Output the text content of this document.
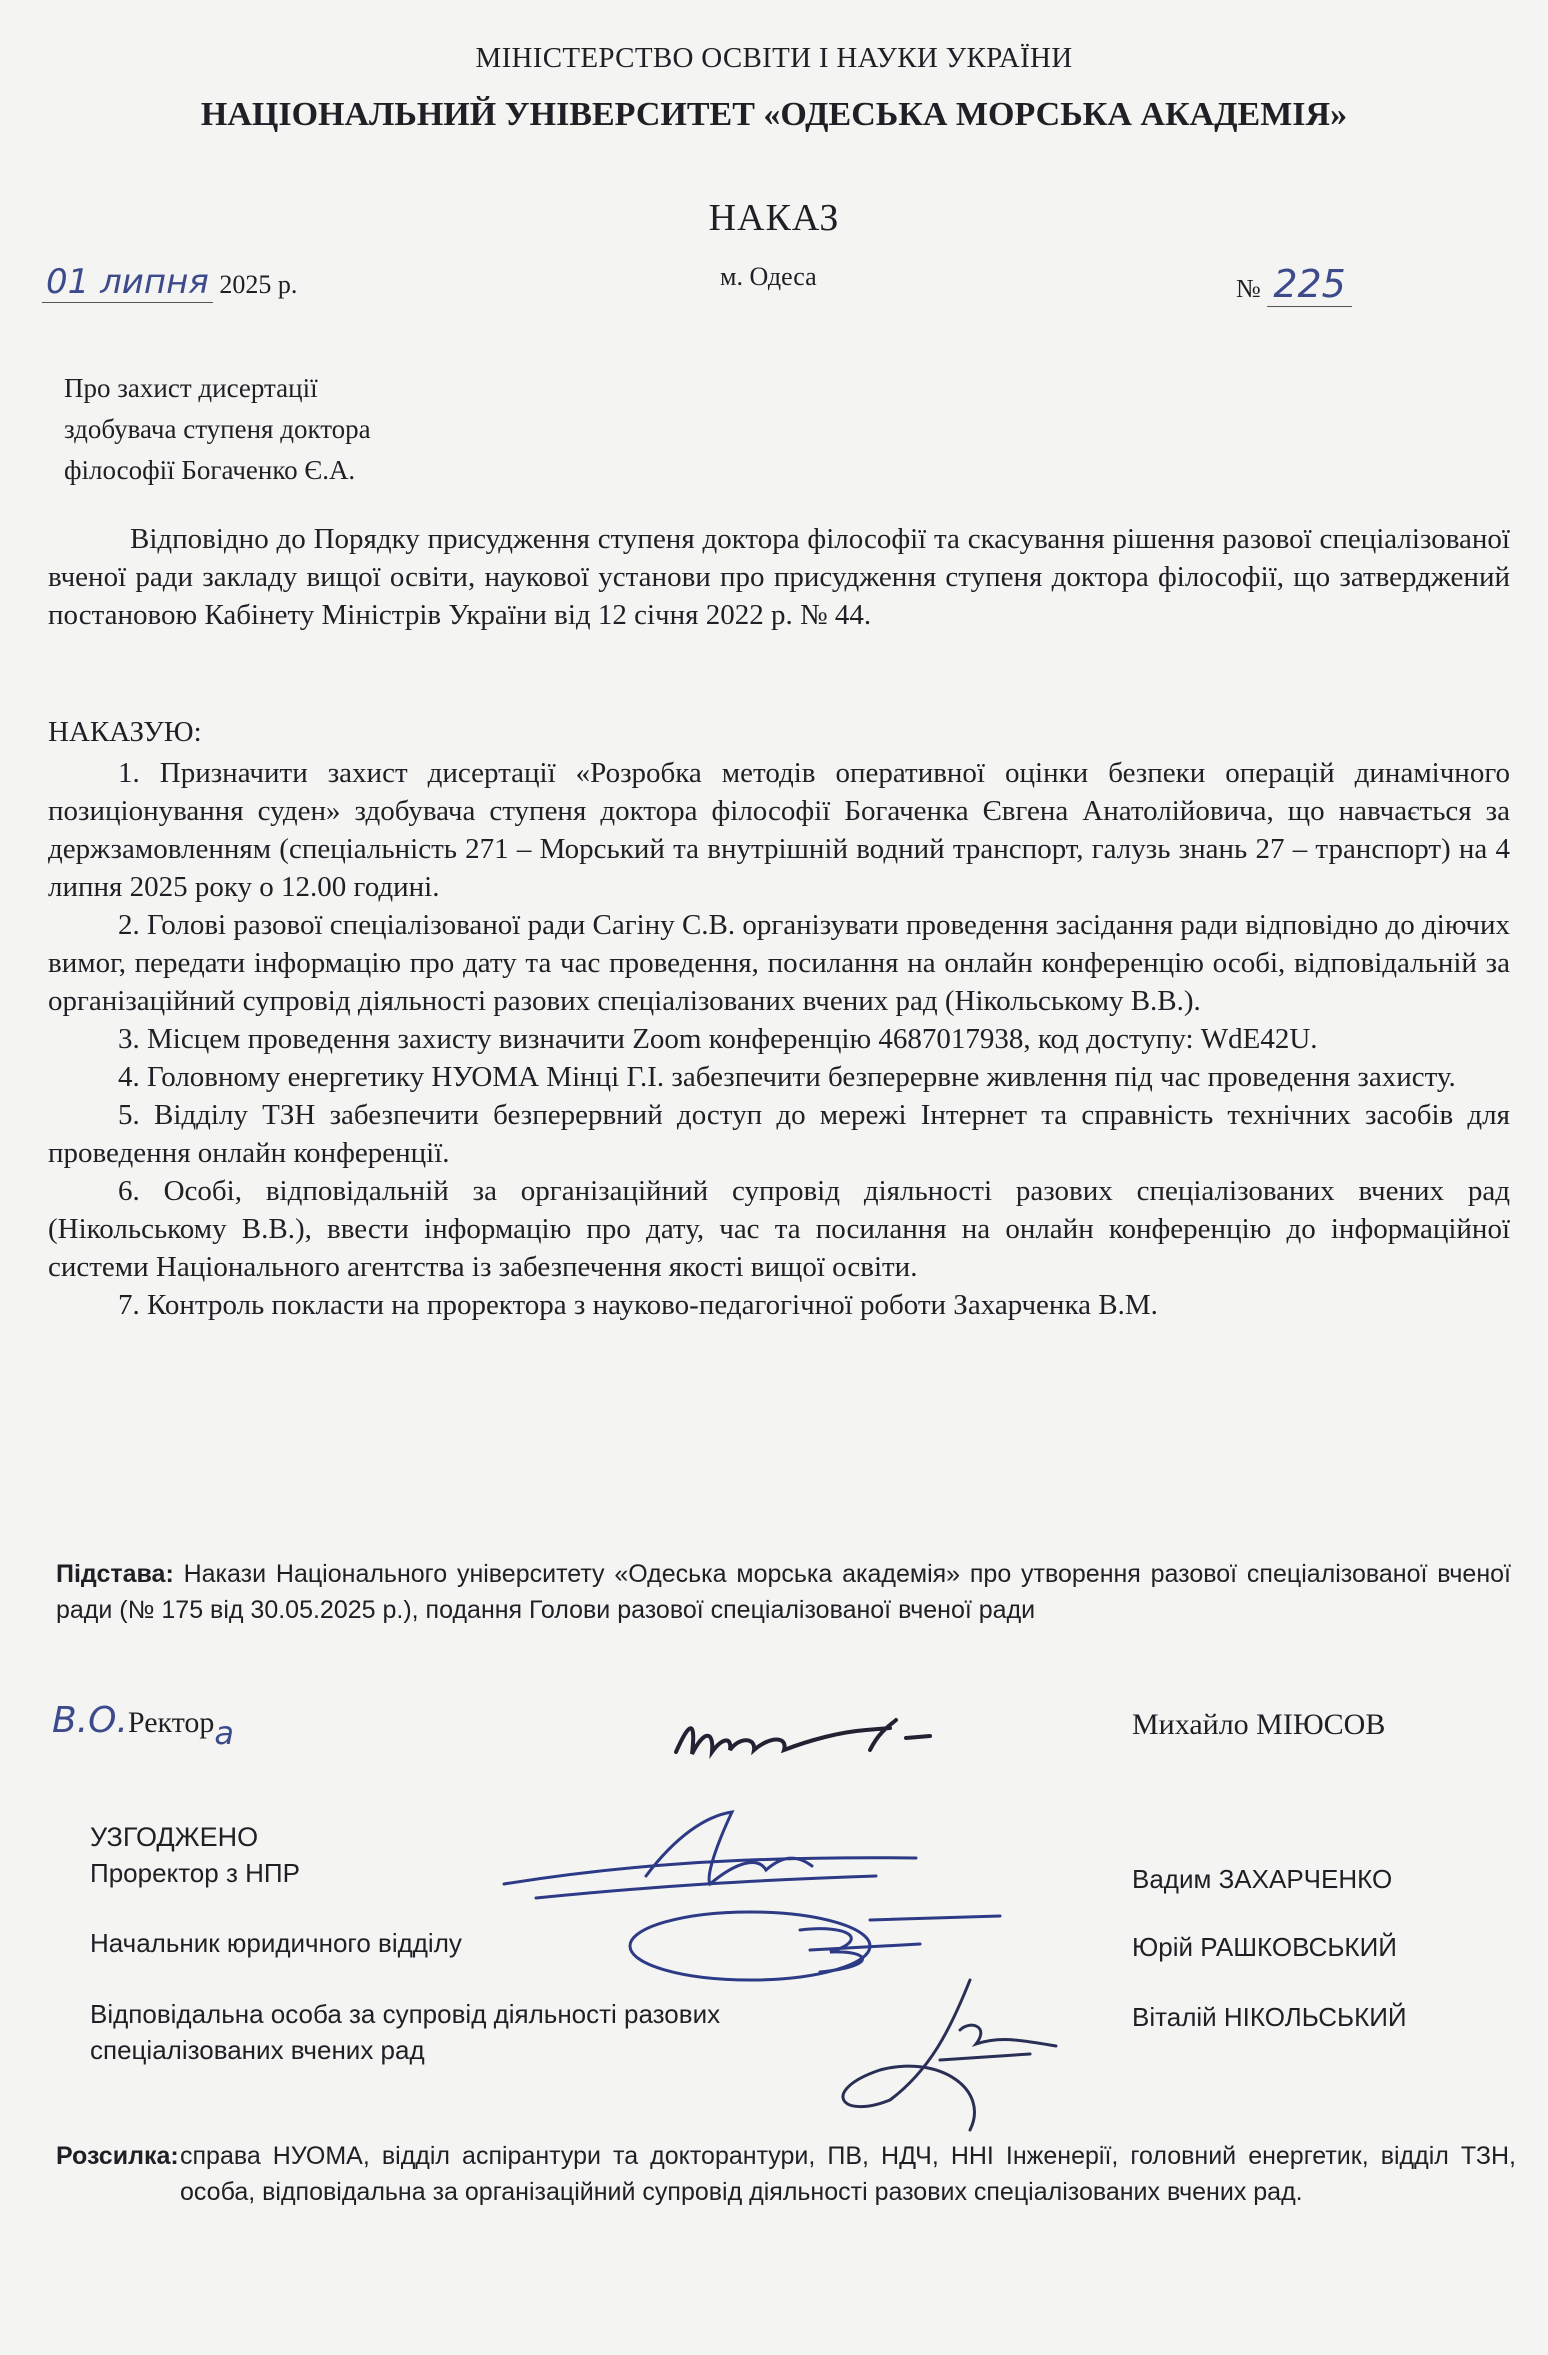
МІНІСТЕРСТВО ОСВІТИ І НАУКИ УКРАЇНИ
НАЦІОНАЛЬНИЙ УНІВЕРСИТЕТ «ОДЕСЬКА МОРСЬКА АКАДЕМІЯ»
НАКАЗ
01 липня 2025 р.	м. Одеса	№ 225
Про захист дисертації
здобувача ступеня доктора
філософії Богаченко Є.А.

Відповідно до Порядку присудження ступеня доктора філософії та скасування рішення разової спеціалізованої вченої ради закладу вищої освіти, наукової установи про присудження ступеня доктора філософії, що затверджений постановою Кабінету Міністрів України від 12 січня 2022 р. № 44.

НАКАЗУЮ:

1. Призначити захист дисертації «Розробка методів оперативної оцінки безпеки операцій динамічного позиціонування суден» здобувача ступеня доктора філософії Богаченка Євгена Анатолійовича, що навчається за держзамовленням (спеціальність 271 – Морський та внутрішній водний транспорт, галузь знань 27 – транспорт) на 4 липня 2025 року о 12.00 годині.

2. Голові разової спеціалізованої ради Сагіну С.В. організувати проведення засідання ради відповідно до діючих вимог, передати інформацію про дату та час проведення, посилання на онлайн конференцію особі, відповідальній за організаційний супровід діяльності разових спеціалізованих вчених рад (Нікольському В.В.).

3. Місцем проведення захисту визначити Zoom конференцію 4687017938, код доступу: WdE42U.

4. Головному енергетику НУОМА Мінці Г.І. забезпечити безперервне живлення під час проведення захисту.

5. Відділу ТЗН забезпечити безперервний доступ до мережі Інтернет та справність технічних засобів для проведення онлайн конференції.

6. Особі, відповідальній за організаційний супровід діяльності разових спеціалізованих вчених рад (Нікольському В.В.), ввести інформацію про дату, час та посилання на онлайн конференцію до інформаційної системи Національного агентства із забезпечення якості вищої освіти.

7. Контроль покласти на проректора з науково-педагогічної роботи Захарченка В.М.

Підстава: Накази Національного університету «Одеська морська академія» про утворення разової спеціалізованої вченої ради (№ 175 від 30.05.2025 р.), подання Голови разової спеціалізованої вченої ради
В.О.Ректора	Михайло МІЮСОВ
УЗГОДЖЕНО
Проректор з НПР	Вадим ЗАХАРЧЕНКО
Начальник юридичного відділу	Юрій РАШКОВСЬКИЙ
Відповідальна особа за супровід діяльності разових
спеціалізованих вчених рад
Віталій НІКОЛЬСЬКИЙ
Розсилка: справа НУОМА, відділ аспірантури та докторантури, ПВ, НДЧ, ННІ Інженерії, головний енергетик, відділ ТЗН, особа, відповідальна за організаційний супровід діяльності разових спеціалізованих вчених рад.
